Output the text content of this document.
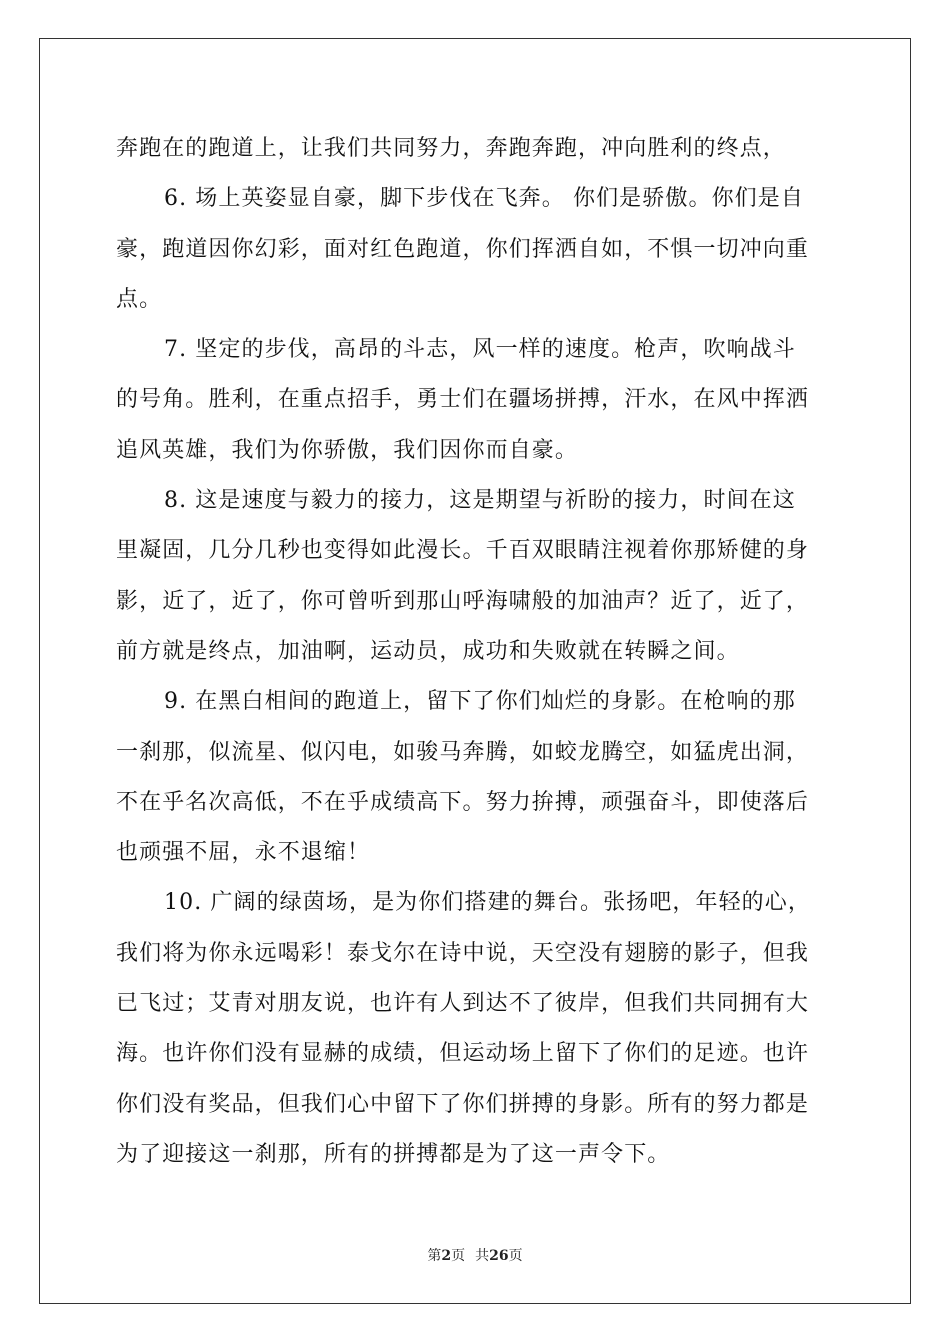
奔跑在的跑道上，让我们共同努力，奔跑奔跑，冲向胜利的终点，
6. 场上英姿显自豪，脚下步伐在飞奔。 你们是骄傲。你们是自
豪，跑道因你幻彩，面对红色跑道，你们挥洒自如，不惧一切冲向重
点。
7. 坚定的步伐，高昂的斗志，风一样的速度。枪声，吹响战斗
的号角。胜利，在重点招手，勇士们在疆场拼搏，汗水，在风中挥洒
追风英雄，我们为你骄傲，我们因你而自豪。
8. 这是速度与毅力的接力，这是期望与祈盼的接力，时间在这
里凝固，几分几秒也变得如此漫长。千百双眼睛注视着你那矫健的身
影，近了，近了，你可曾听到那山呼海啸般的加油声？近了，近了，
前方就是终点，加油啊，运动员，成功和失败就在转瞬之间。
9. 在黑白相间的跑道上，留下了你们灿烂的身影。在枪响的那
一刹那，似流星、似闪电，如骏马奔腾，如蛟龙腾空，如猛虎出洞，
不在乎名次高低，不在乎成绩高下。努力拚搏，顽强奋斗，即使落后
也顽强不屈，永不退缩！
10. 广阔的绿茵场，是为你们搭建的舞台。张扬吧，年轻的心，
我们将为你永远喝彩！泰戈尔在诗中说，天空没有翅膀的影子，但我
已飞过；艾青对朋友说，也许有人到达不了彼岸，但我们共同拥有大
海。也许你们没有显赫的成绩，但运动场上留下了你们的足迹。也许
你们没有奖品，但我们心中留下了你们拼搏的身影。所有的努力都是
为了迎接这一刹那，所有的拼搏都是为了这一声令下。
第2页 共26页
